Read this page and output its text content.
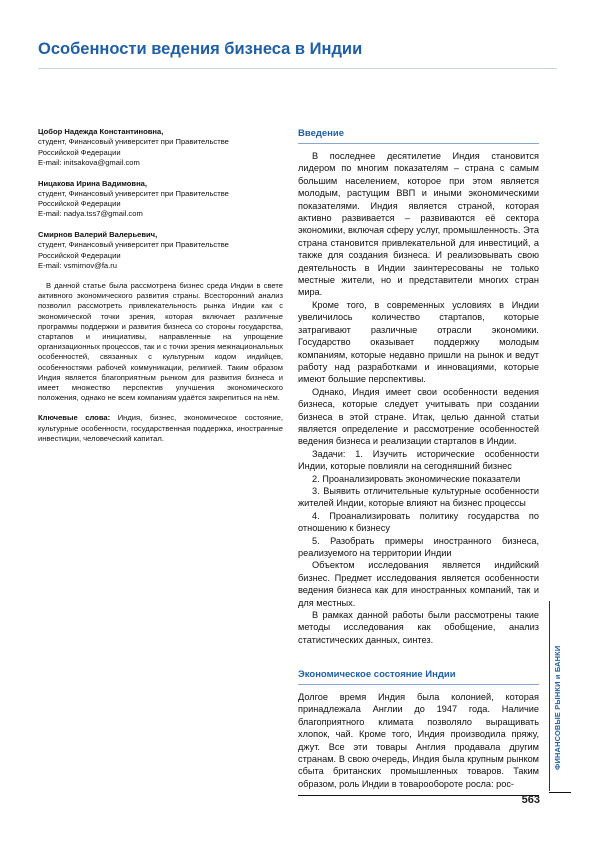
Особенности ведения бизнеса в Индии
Цобор Надежда Константиновна,
студент, Финансовый университет при Правительстве
Российской Федерации
E-mail: initsakova@gmail.com
Ницакова Ирина Вадимовна,
студент, Финансовый университет при Правительстве
Российской Федерации
E-mail: nadya.tss7@gmail.com
Смирнов Валерий Валерьевич,
студент, Финансовый университет при Правительстве
Российской Федерации
E-mail: vsmirnov@fa.ru

В данной статье была рассмотрена бизнес среда Индии в свете активного экономического развития страны. Всесторонний анализ позволил рассмотреть привлекательность рынка Индии как с экономической точки зрения, которая включает различные программы поддержки и развития бизнеса со стороны государства, стартапов и инициативы, направленные на упрощение организационных процессов, так и с точки зрения межнациональных особенностей, связанных с культурным кодом индийцев, особенностями рабочей коммуникации, религией. Таким образом Индия является благоприятным рынком для развития бизнеса и имеет множество перспектив улучшения экономического положения, однако не всем компаниям удаётся закрепиться на нём.

Ключевые слова: Индия, бизнес, экономическое состояние, культурные особенности, государственная поддержка, иностранные инвестиции, человеческий капитал.

Введение

В последнее десятилетие Индия становится лидером по многим показателям – страна с самым большим населением, которое при этом является молодым, растущим ВВП и иными экономическими показателями. Индия является страной, которая активно развивается – развиваются её сектора экономики, включая сферу услуг, промышленность. Эта страна становится привлекательной для инвестиций, а также для создания бизнеса. И реализовывать свою деятельность в Индии заинтересованы не только местные жители, но и представители многих стран мира.

Кроме того, в современных условиях в Индии увеличилось количество стартапов, которые затрагивают различные отрасли экономики. Государство оказывает поддержку молодым компаниям, которые недавно пришли на рынок и ведут работу над разработками и инновациями, которые имеют большие перспективы.

Однако, Индия имеет свои особенности ведения бизнеса, которые следует учитывать при создании бизнеса в этой стране. Итак, целью данной статьи является определение и рассмотрение особенностей ведения бизнеса и реализации стартапов в Индии.

Задачи: 1. Изучить исторические особенности Индии, которые повлияли на сегодняшний бизнес

2. Проанализировать экономические показатели

3. Выявить отличительные культурные особенности жителей Индии, которые влияют на бизнес процессы

4. Проанализировать политику государства по отношению к бизнесу

5. Разобрать примеры иностранного бизнеса, реализуемого на территории Индии

Объектом исследования является индийский бизнес. Предмет исследования является особенности ведения бизнеса как для иностранных компаний, так и для местных.

В рамках данной работы были рассмотрены такие методы исследования как обобщение, анализ статистических данных, синтез.

Экономическое состояние Индии

Долгое время Индия была колонией, которая принадлежала Англии до 1947 года. Наличие благоприятного климата позволяло выращивать хлопок, чай. Кроме того, Индия производила пряжу, джут. Все эти товары Англия продавала другим странам. В свою очередь, Индия была крупным рынком сбыта британских промышленных товаров. Таким образом, роль Индии в товарообороте росла: рос-

ФИНАНСОВЫЕ РЫНКИ и БАНКИ
563
